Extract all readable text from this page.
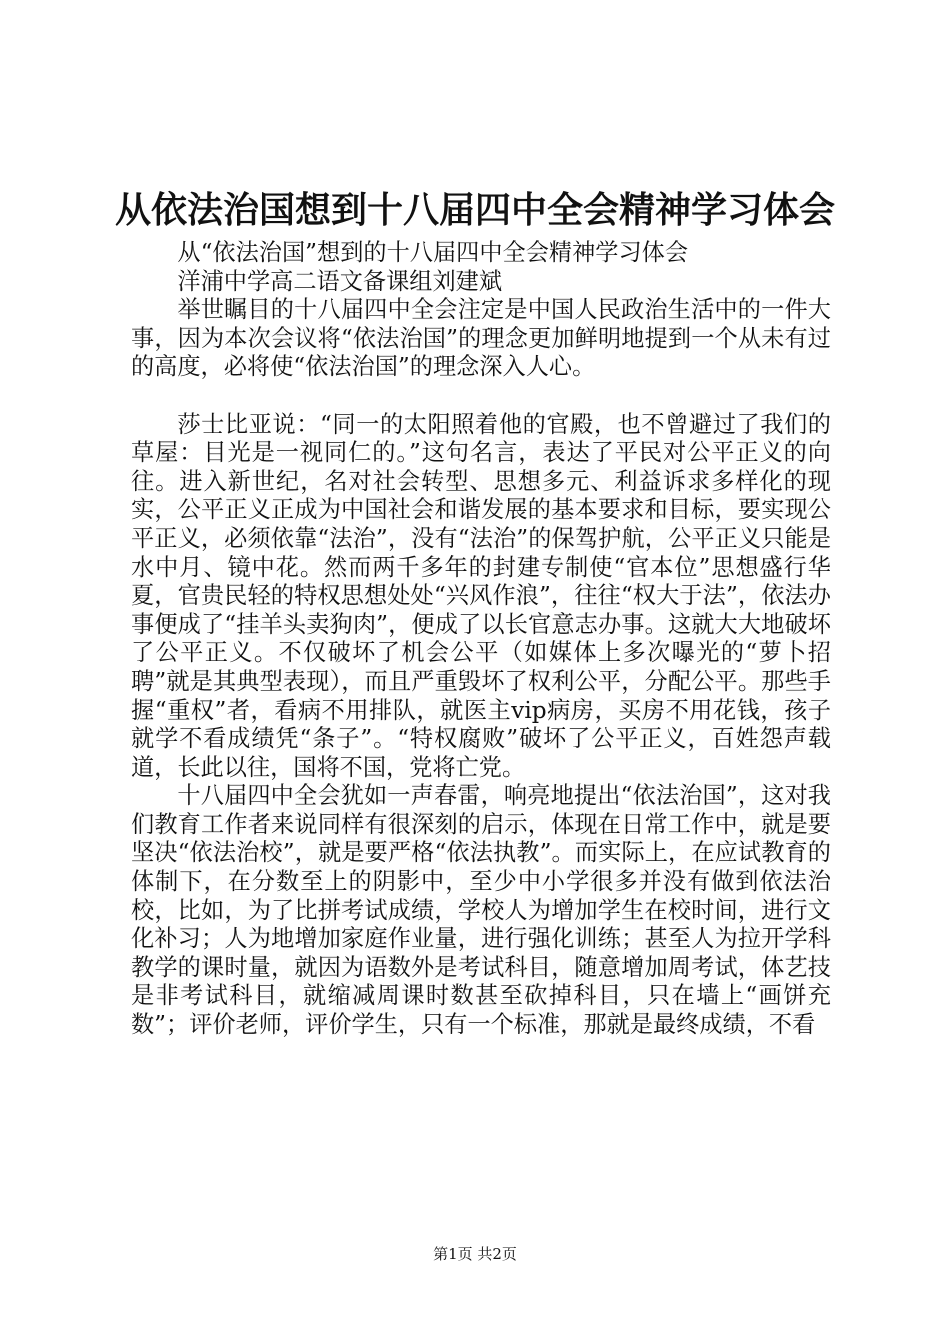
从依法治国想到十八届四中全会精神学习体会

从“依法治国”想到的十八届四中全会精神学习体会

洋浦中学高二语文备课组刘建斌

举世瞩目的十八届四中全会注定是中国人民政治生活中的一件大事，因为本次会议将“依法治国”的理念更加鲜明地提到一个从未有过的高度，必将使“依法治国”的理念深入人心。

莎士比亚说：“同一的太阳照着他的官殿，也不曾避过了我们的草屋：目光是一视同仁的。”这句名言，表达了平民对公平正义的向往。进入新世纪，名对社会转型、思想多元、利益诉求多样化的现实，公平正义正成为中国社会和谐发展的基本要求和目标，要实现公平正义，必须依靠“法治”，没有“法治”的保驾护航，公平正义只能是水中月、镜中花。然而两千多年的封建专制使“官本位”思想盛行华夏，官贵民轻的特权思想处处“兴风作浪”，往往“权大于法”，依法办事便成了“挂羊头卖狗肉”，便成了以长官意志办事。这就大大地破坏了公平正义。不仅破坏了机会公平（如媒体上多次曝光的“萝卜招聘”就是其典型表现），而且严重毁坏了权利公平，分配公平。那些手握“重权”者，看病不用排队，就医主vip病房，买房不用花钱，孩子就学不看成绩凭“条子”。“特权腐败”破坏了公平正义，百姓怨声载道，长此以往，国将不国，党将亡党。

十八届四中全会犹如一声春雷，响亮地提出“依法治国”，这对我们教育工作者来说同样有很深刻的启示，体现在日常工作中，就是要坚决“依法治校”，就是要严格“依法执教”。而实际上，在应试教育的体制下，在分数至上的阴影中，至少中小学很多并没有做到依法治校，比如，为了比拼考试成绩，学校人为增加学生在校时间，进行文化补习；人为地增加家庭作业量，进行强化训练；甚至人为拉开学科教学的课时量，就因为语数外是考试科目，随意增加周考试，体艺技是非考试科目，就缩减周课时数甚至砍掉科目，只在墙上“画饼充数”；评价老师，评价学生，只有一个标准，那就是最终成绩，不看

第1页 共2页
